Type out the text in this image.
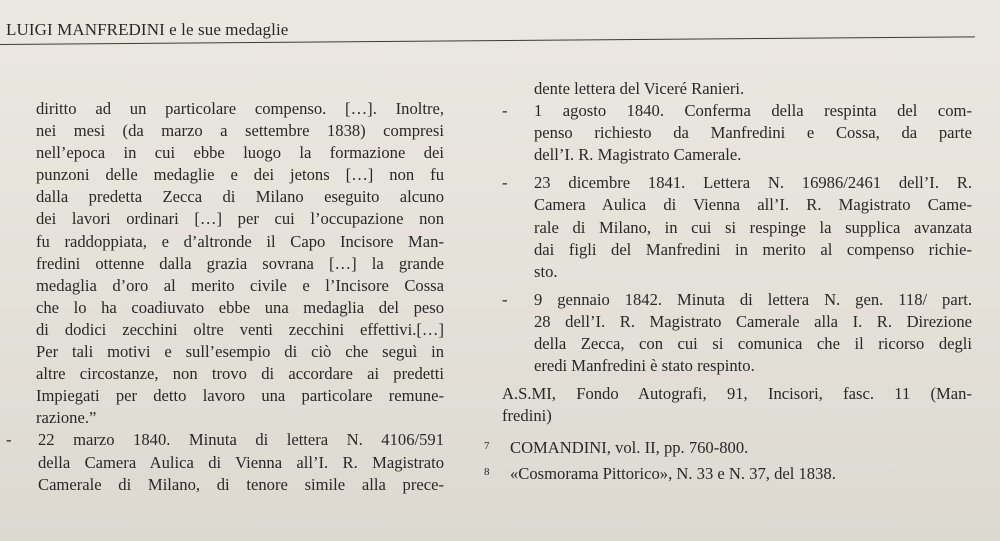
LUIGI MANFREDINI e le sue medaglie
diritto ad un particolare compenso. […]. Inoltre,
nei mesi (da marzo a settembre 1838) compresi
nell’epoca in cui ebbe luogo la formazione dei
punzoni delle medaglie e dei jetons […] non fu
dalla predetta Zecca di Milano eseguito alcuno
dei lavori ordinari […] per cui l’occupazione non
fu raddoppiata, e d’altronde il Capo Incisore Man-
fredini ottenne dalla grazia sovrana […] la grande
medaglia d’oro al merito civile e l’Incisore Cossa
che lo ha coadiuvato ebbe una medaglia del peso
di dodici zecchini oltre venti zecchini effettivi.[…]
Per tali motivi e sull’esempio di ciò che seguì in
altre circostanze, non trovo di accordare ai predetti
Impiegati per detto lavoro una particolare remune-
razione.”
- 22 marzo 1840. Minuta di lettera N. 4106/591
della Camera Aulica di Vienna all’I. R. Magistrato
Camerale di Milano, di tenore simile alla prece-
dente lettera del Viceré Ranieri.
- 1 agosto 1840. Conferma della respinta del com-
penso richiesto da Manfredini e Cossa, da parte
dell’I. R. Magistrato Camerale.
- 23 dicembre 1841. Lettera N. 16986/2461 dell’I. R.
Camera Aulica di Vienna all’I. R. Magistrato Came-
rale di Milano, in cui si respinge la supplica avanzata
dai figli del Manfredini in merito al compenso richie-
sto.
- 9 gennaio 1842. Minuta di lettera N. gen. 118/ part.
28 dell’I. R. Magistrato Camerale alla I. R. Direzione
della Zecca, con cui si comunica che il ricorso degli
eredi Manfredini è stato respinto.
A.S.MI, Fondo Autografi, 91, Incisori, fasc. 11 (Man-
fredini)
7 COMANDINI, vol. II, pp. 760-800.
8 «Cosmorama Pittorico», N. 33 e N. 37, del 1838.
